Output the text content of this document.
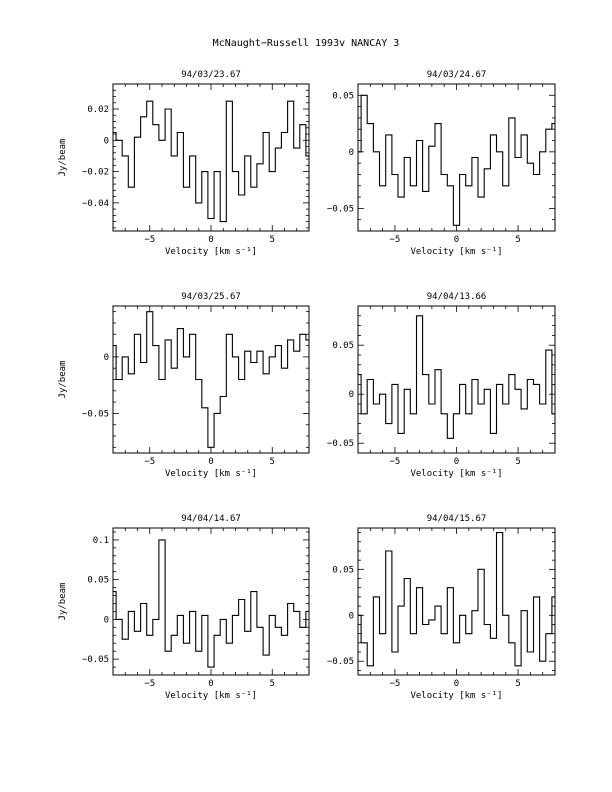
McNaught−Russell 1993v NANCAY 3
−5	0	5
−0.04
−0.02
0
0.02
94/03/23.67
Velocity [km s⁻¹]
Jy/beam
−5	0	5
−0.05
0
0.05
94/03/24.67
Velocity [km s⁻¹]
−5	0	5
−0.05
0
94/03/25.67
Velocity [km s⁻¹]
Jy/beam
−5	0	5
−0.05
0
0.05
94/04/13.66
Velocity [km s⁻¹]
−5	0	5
−0.05
0
0.05
0.1
94/04/14.67
Velocity [km s⁻¹]
Jy/beam
−5	0	5
−0.05
0
0.05
94/04/15.67
Velocity [km s⁻¹]
